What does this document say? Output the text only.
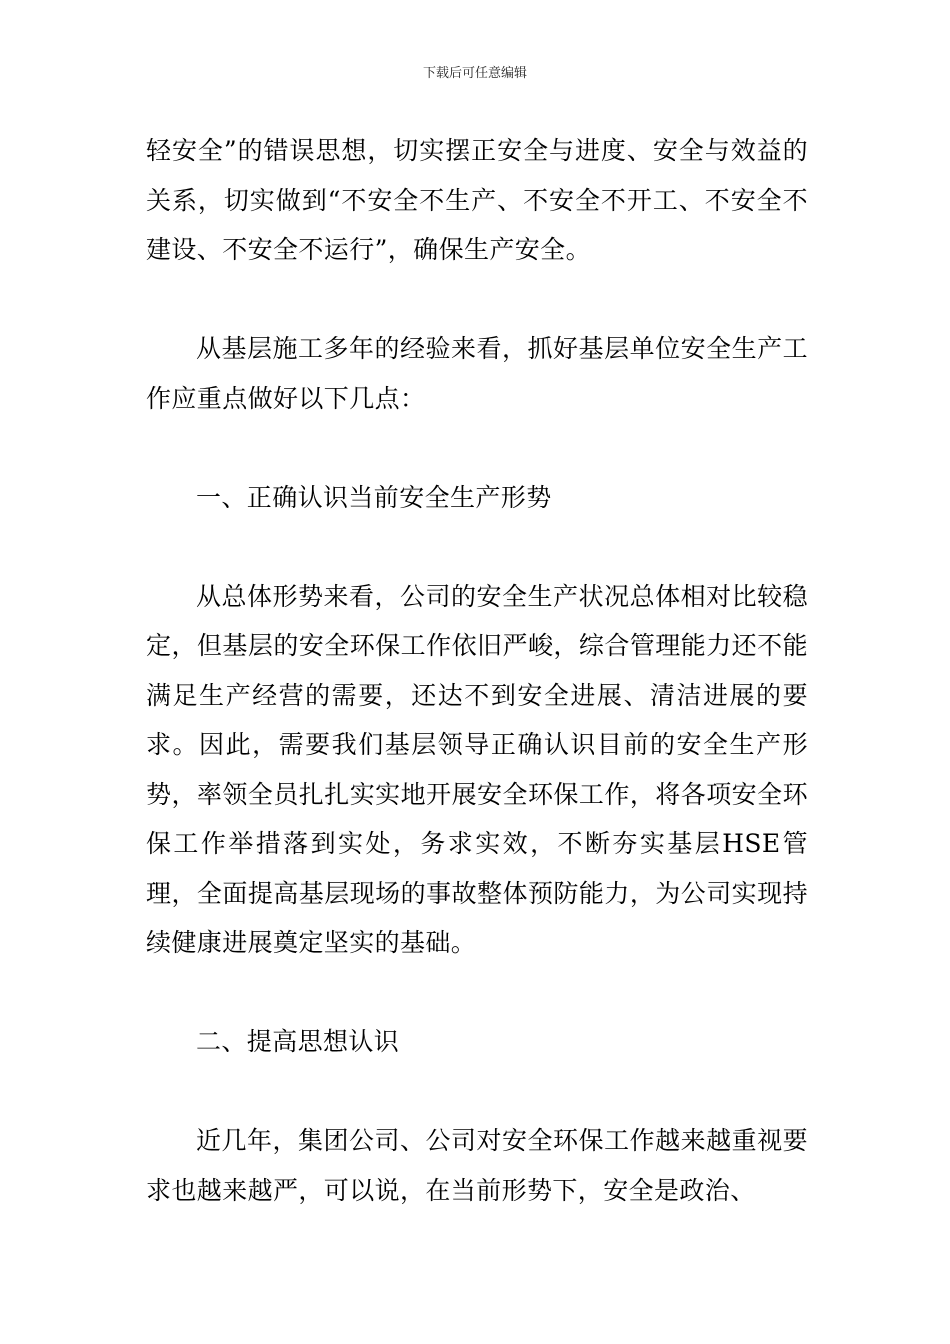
下载后可任意编辑

轻安全”的错误思想，切实摆正安全与进度、安全与效益的关系，切实做到“不安全不生产、不安全不开工、不安全不建设、不安全不运行”，确保生产安全。

从基层施工多年的经验来看，抓好基层单位安全生产工作应重点做好以下几点：

一、正确认识当前安全生产形势

从总体形势来看，公司的安全生产状况总体相对比较稳定，但基层的安全环保工作依旧严峻，综合管理能力还不能满足生产经营的需要，还达不到安全进展、清洁进展的要求。因此，需要我们基层领导正确认识目前的安全生产形势，率领全员扎扎实实地开展安全环保工作，将各项安全环保工作举措落到实处，务求实效，不断夯实基层HSE管理，全面提高基层现场的事故整体预防能力，为公司实现持续健康进展奠定坚实的基础。

二、提高思想认识

近几年，集团公司、公司对安全环保工作越来越重视要求也越来越严，可以说，在当前形势下，安全是政治、
